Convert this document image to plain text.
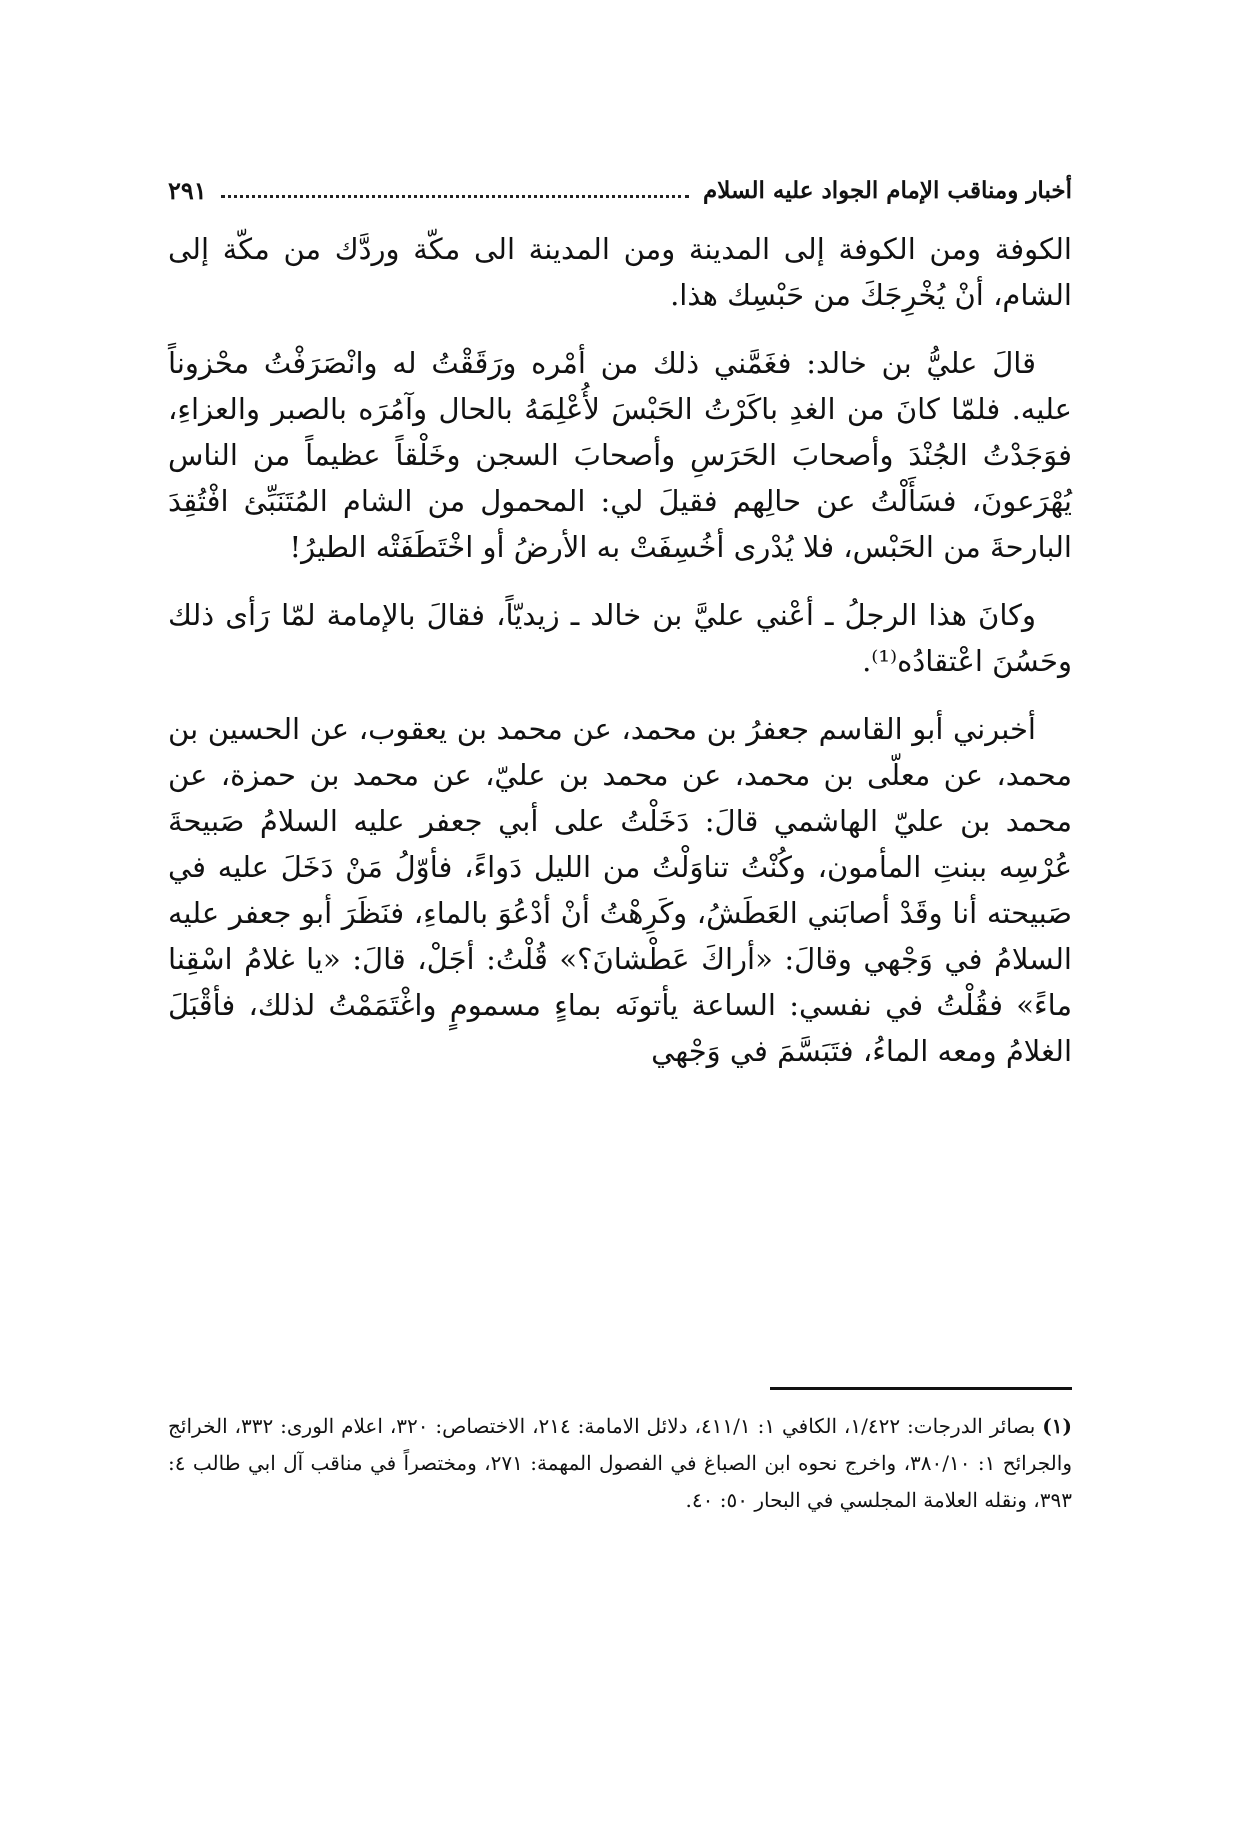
أخبار ومناقب الإمام الجواد عليه السلام
٢٩١

الكوفة ومن الكوفة إلى المدينة ومن المدينة الى مكّة وردَّك من مكّة إلى الشام، أنْ يُخْرِجَكَ من حَبْسِك هذا.

قالَ عليُّ بن خالد: فغَمَّني ذلك من أمْره ورَقَقْتُ له وانْصَرَفْتُ محْزوناً عليه. فلمّا كانَ من الغدِ باكَرْتُ الحَبْسَ لأُعْلِمَهُ بالحال وآمُرَه بالصبر والعزاءِ، فوَجَدْتُ الجُنْدَ وأصحابَ الحَرَسِ وأصحابَ السجن وخَلْقاً عظيماً من الناس يُهْرَعونَ، فسَأَلْتُ عن حالِهم فقيلَ لي: المحمول من الشام المُتَنَبِّئ افْتُقِدَ البارحةَ من الحَبْس، فلا يُدْرى أخُسِفَتْ به الأرضُ أو اخْتَطَفَتْه الطيرُ!

وكانَ هذا الرجلُ ـ أعْني عليَّ بن خالد ـ زيديّاً، فقالَ بالإمامة لمّا رَأى ذلك وحَسُنَ اعْتقادُه⁽¹⁾.

أخبرني أبو القاسم جعفرُ بن محمد، عن محمد بن يعقوب، عن الحسين بن محمد، عن معلّى بن محمد، عن محمد بن عليّ، عن محمد بن حمزة، عن محمد بن عليّ الهاشمي قالَ: دَخَلْتُ على أبي جعفر عليه السلامُ صَبيحةَ عُرْسِه ببنتِ المأمون، وكُنْتُ تناوَلْتُ من الليل دَواءً، فأوّلُ مَنْ دَخَلَ عليه في صَبيحته أنا وقَدْ أصابَني العَطَشُ، وكَرِهْتُ أنْ أدْعُوَ بالماءِ، فنَظَرَ أبو جعفر عليه السلامُ في وَجْهي وقالَ: «أراكَ عَطْشانَ؟» قُلْتُ: أجَلْ، قالَ: «يا غلامُ اسْقِنا ماءً» فقُلْتُ في نفسي: الساعة يأتونَه بماءٍ مسمومٍ واغْتَمَمْتُ لذلك، فأقْبَلَ الغلامُ ومعه الماءُ، فتَبَسَّمَ في وَجْهي

(١) بصائر الدرجات: ١/٤٢٢، الكافي ١: ٤١١/١، دلائل الامامة: ٢١٤، الاختصاص: ٣٢٠، اعلام الورى: ٣٣٢، الخرائج والجرائح ١: ٣٨٠/١٠، واخرج نحوه ابن الصباغ في الفصول المهمة: ٢٧١، ومختصراً في مناقب آل ابي طالب ٤: ٣٩٣، ونقله العلامة المجلسي في البحار ٥٠: ٤٠.
